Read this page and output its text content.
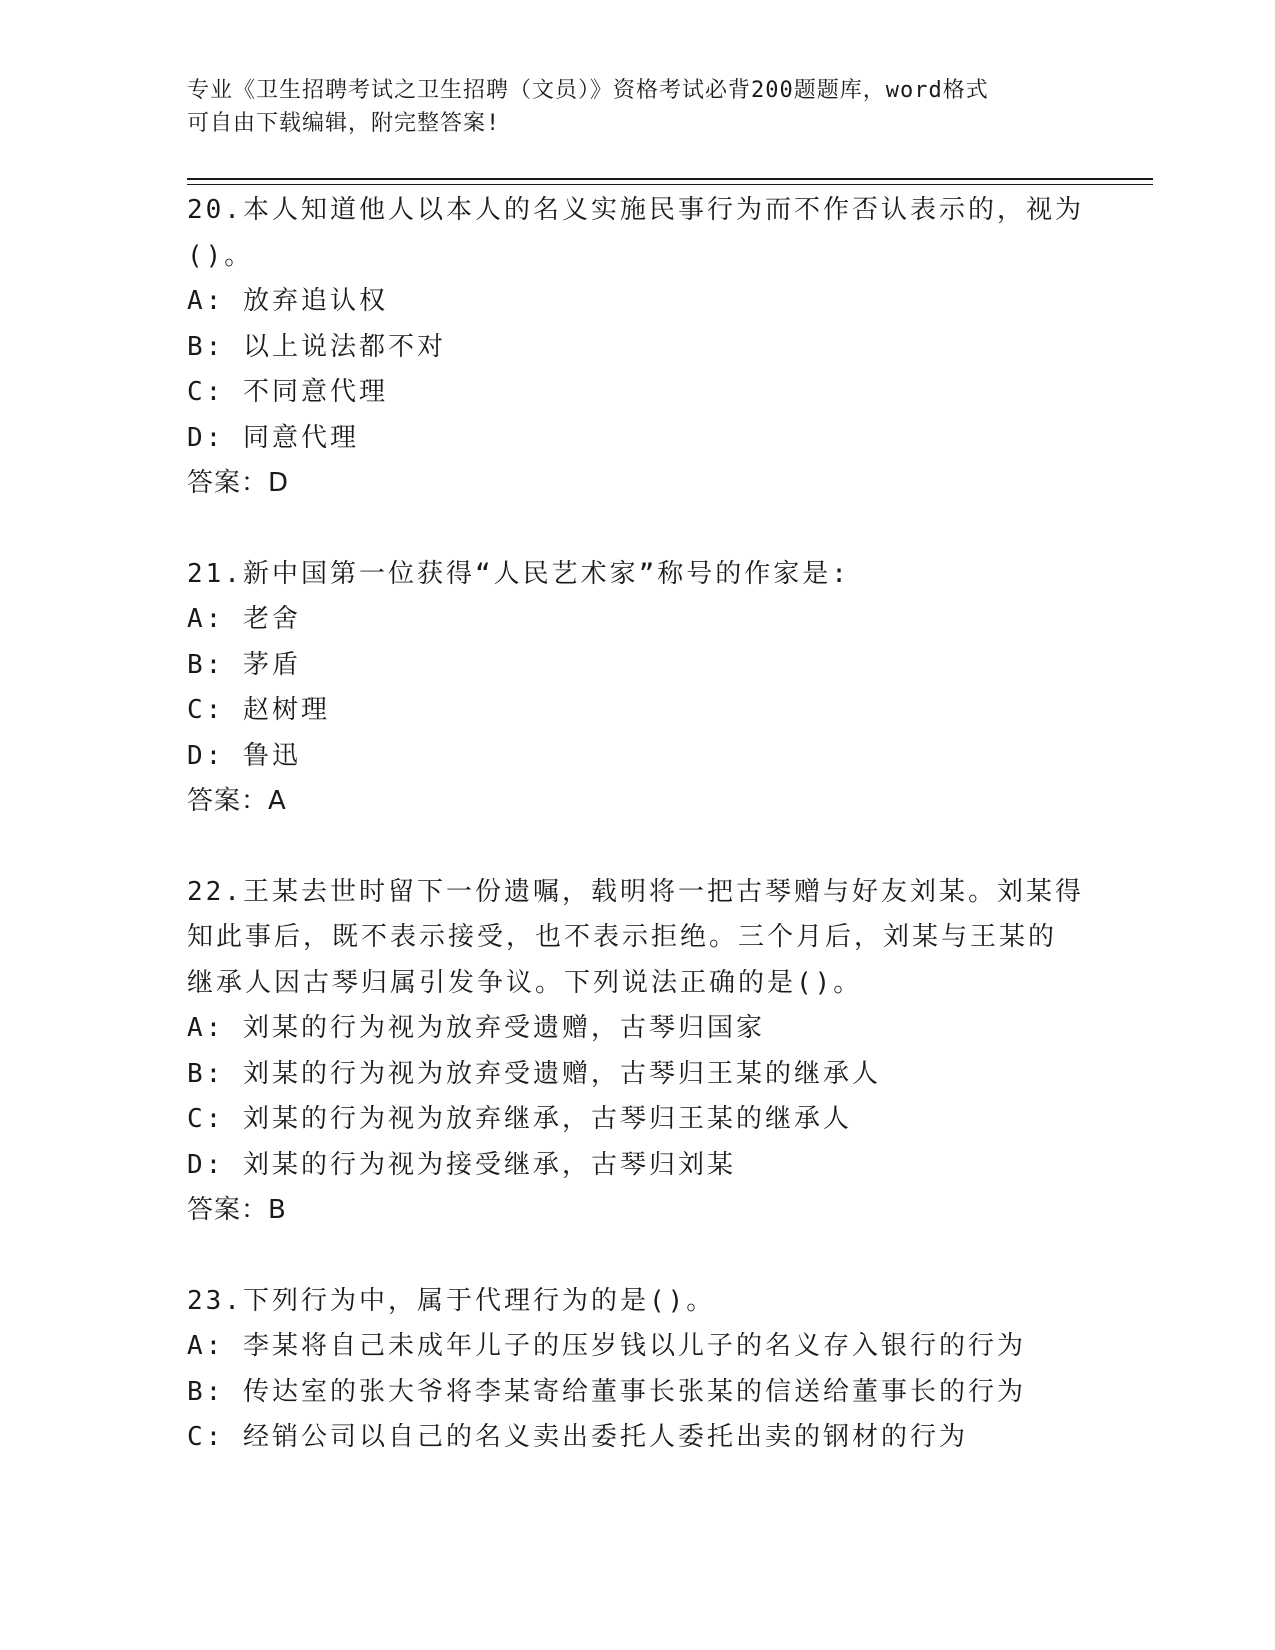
专业《卫生招聘考试之卫生招聘（文员）》资格考试必背200题题库，word格式
可自由下载编辑，附完整答案!
20.本人知道他人以本人的名义实施民事行为而不作否认表示的，视为
()。
A: 放弃追认权
B: 以上说法都不对
C: 不同意代理
D: 同意代理
答案：D
21.新中国第一位获得“人民艺术家”称号的作家是:
A: 老舍
B: 茅盾
C: 赵树理
D: 鲁迅
答案：A
22.王某去世时留下一份遗嘱，载明将一把古琴赠与好友刘某。刘某得
知此事后，既不表示接受，也不表示拒绝。三个月后，刘某与王某的
继承人因古琴归属引发争议。下列说法正确的是()。
A: 刘某的行为视为放弃受遗赠，古琴归国家
B: 刘某的行为视为放弃受遗赠，古琴归王某的继承人
C: 刘某的行为视为放弃继承，古琴归王某的继承人
D: 刘某的行为视为接受继承，古琴归刘某
答案：B
23.下列行为中，属于代理行为的是()。
A: 李某将自己未成年儿子的压岁钱以儿子的名义存入银行的行为
B: 传达室的张大爷将李某寄给董事长张某的信送给董事长的行为
C: 经销公司以自己的名义卖出委托人委托出卖的钢材的行为
